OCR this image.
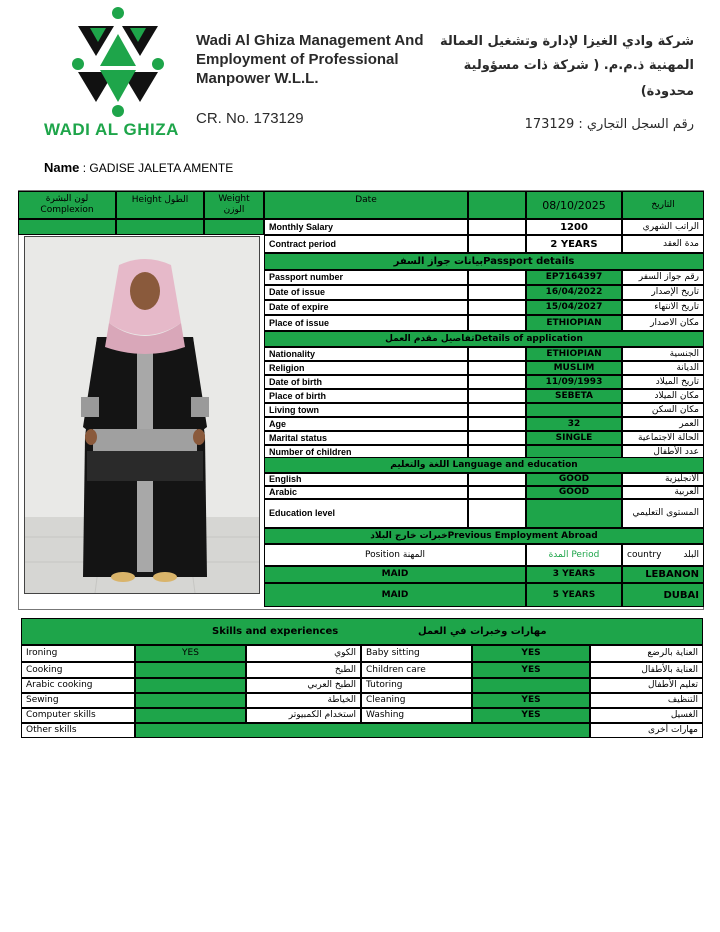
WADI AL GHIZA
Wadi Al Ghiza Management And
Employment of Professional
Manpower W.L.L.
CR. No. 173129
شركة وادي الغيزا لإدارة وتشغيل العمالة
المهنية ذ.م.م. ( شركة ذات مسؤولية
محدودة)
رقم السجل التجاري : 173129
Name : GADISE JALETA AMENTE
لون البشرة
Complexion
Height الطول	Weight
الوزن
Date	08/10/2025	التاريخ
Monthly Salary	1200	الراتب الشهري
Contract period	2 YEARS	مدة العقد
بيانات جواز السفرPassport details
Passport number	EP7164397	رقم جواز السفر
Date of issue	16/04/2022	تاريخ الإصدار
Date of expire	15/04/2027	تاريخ الانتهاء
Place of issue	ETHIOPIAN	مكان الاصدار
تفاصيل مقدم العملDetails of application
Nationality	ETHIOPIAN	الجنسية
Religion	MUSLIM	الديانة
Date of birth	11/09/1993	تاريخ الميلاد
Place of birth	SEBETA	مكان الميلاد
Living town	مكان السكن
Age	32	العمر
Marital status	SINGLE	الحالة الاجتماعية
Number of children	عدد الأطفال
اللغة والتعليم Language and education
English	GOOD	الانجليزية
Arabic	GOOD	العربية
Education level	المستوى التعليمي
خبرات خارج البلادPrevious Employment Abroad
Position المهنة	المدة Period	country البلد
MAID	3 YEARS	LEBANON
MAID	5 YEARS	DUBAI
Skills and experiences	مهارات وخبرات في العمل
Ironing	YES	الكوي	Baby sitting	YES	العناية بالرضع
Cooking	الطبخ	Children care	YES	العناية بالأطفال
Arabic cooking	الطبخ العربي	Tutoring	تعليم الأطفال
Sewing	الخياطة	Cleaning	YES	التنظيف
Computer skills	استخدام الكمبيوتر	Washing	YES	الغسيل
Other skills	مهارات أخرى
